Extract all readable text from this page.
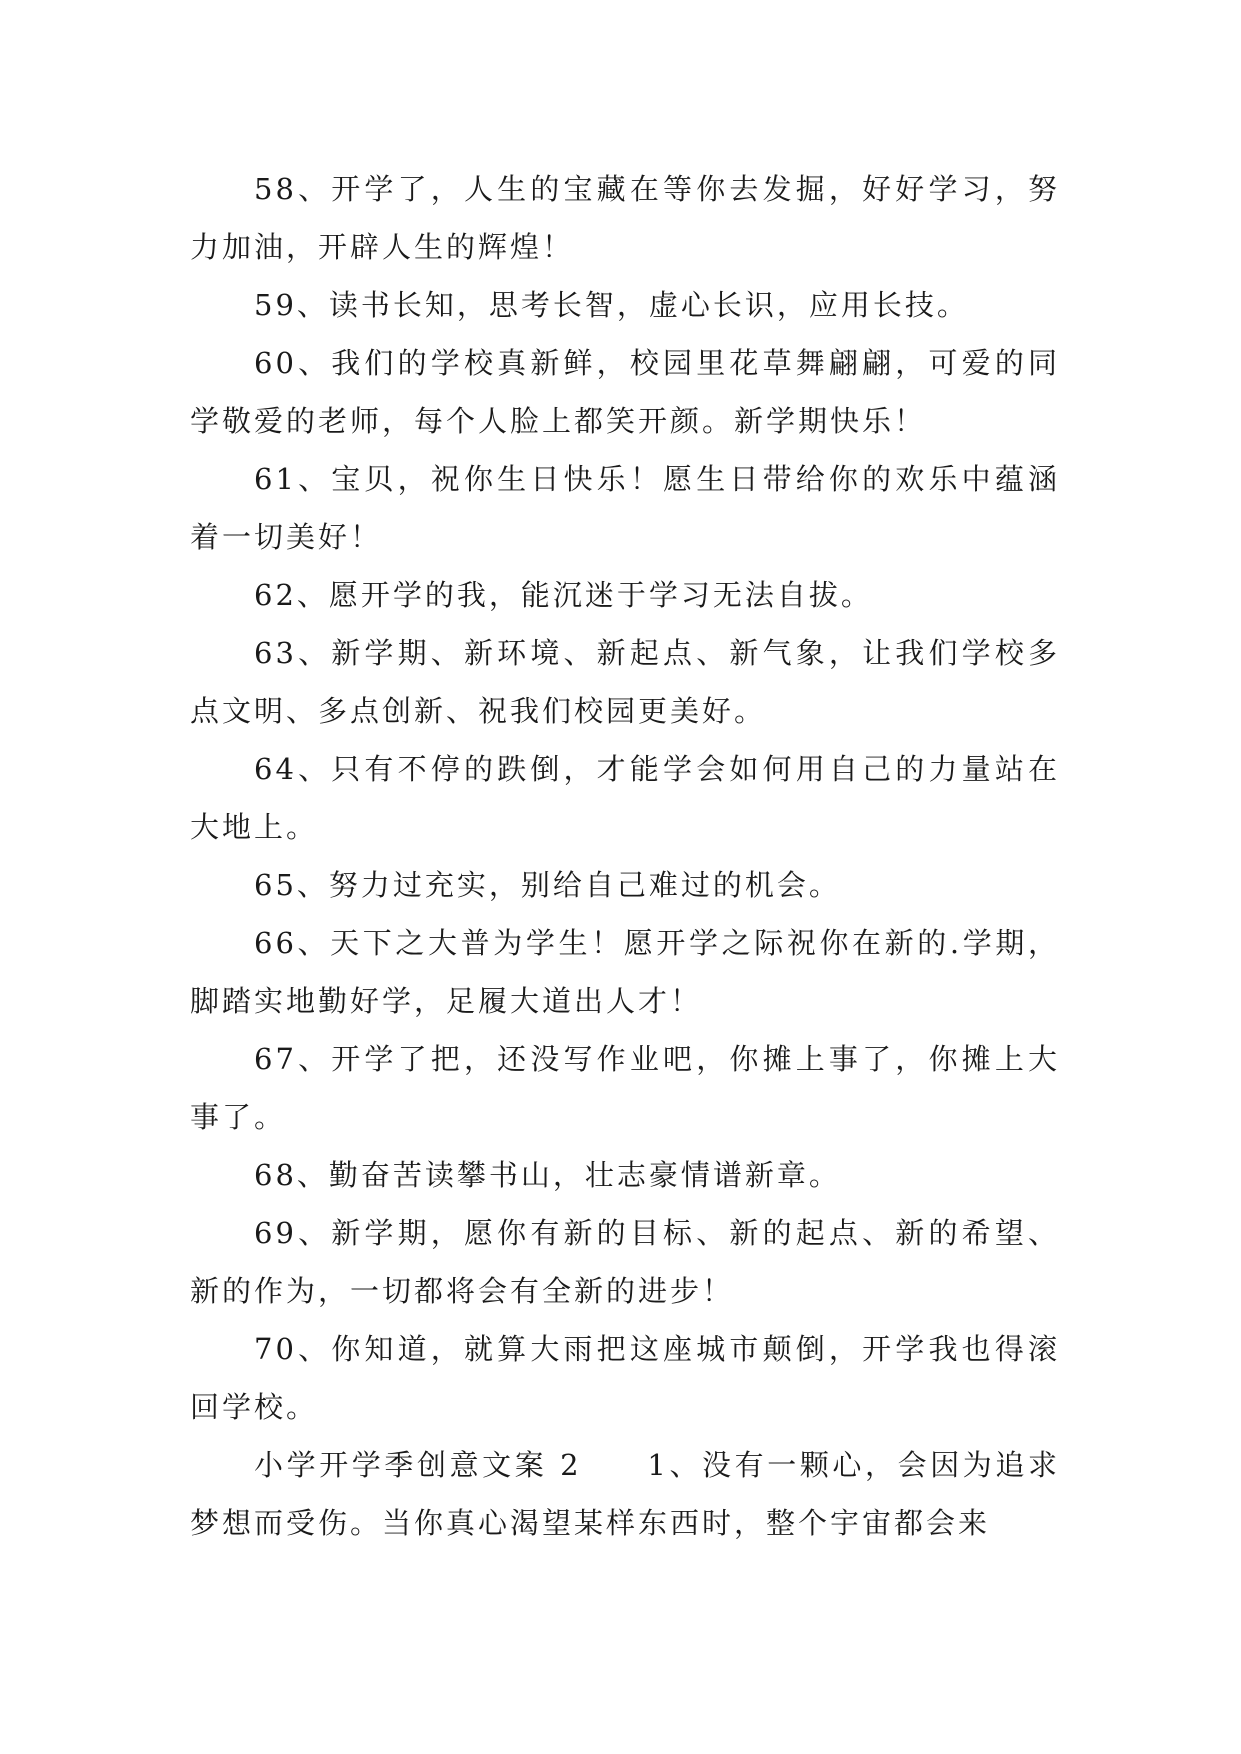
58、开学了，人生的宝藏在等你去发掘，好好学习，努力加油，开辟人生的辉煌！

59、读书长知，思考长智，虚心长识，应用长技。

60、我们的学校真新鲜，校园里花草舞翩翩，可爱的同学敬爱的老师，每个人脸上都笑开颜。新学期快乐！

61、宝贝，祝你生日快乐！愿生日带给你的欢乐中蕴涵着一切美好！

62、愿开学的我，能沉迷于学习无法自拔。

63、新学期、新环境、新起点、新气象，让我们学校多点文明、多点创新、祝我们校园更美好。

64、只有不停的跌倒，才能学会如何用自己的力量站在大地上。

65、努力过充实，别给自己难过的机会。

66、天下之大普为学生！愿开学之际祝你在新的.学期，脚踏实地勤好学，足履大道出人才！

67、开学了把，还没写作业吧，你摊上事了，你摊上大事了。

68、勤奋苦读攀书山，壮志豪情谱新章。

69、新学期，愿你有新的目标、新的起点、新的希望、新的作为，一切都将会有全新的进步！

70、你知道，就算大雨把这座城市颠倒，开学我也得滚回学校。

小学开学季创意文案 2　　1、没有一颗心，会因为追求梦想而受伤。当你真心渴望某样东西时，整个宇宙都会来
